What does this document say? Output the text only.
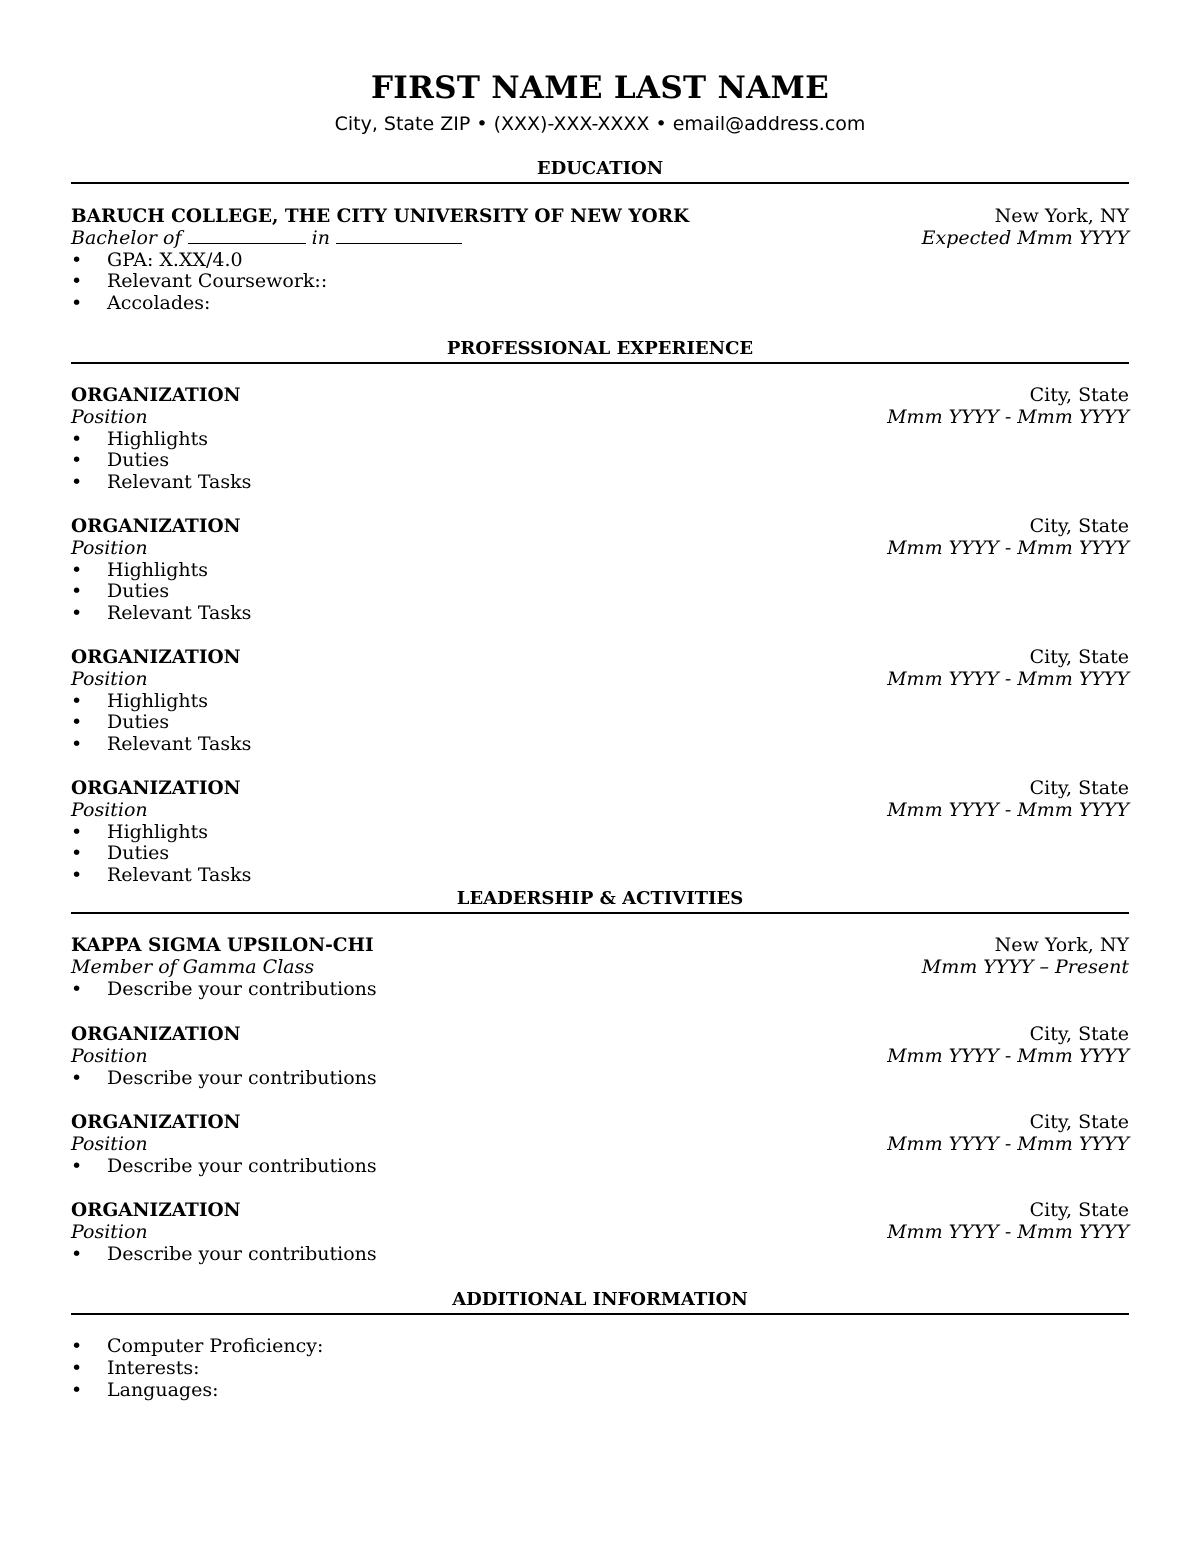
FIRST NAME LAST NAME
City, State ZIP • (XXX)-XXX-XXXX • email@address.com
EDUCATION
BARUCH COLLEGE, THE CITY UNIVERSITY OF NEW YORK	New York, NY
Bachelor of	in	Expected Mmm YYYY
• GPA: X.XX/4.0
• Relevant Coursework::
• Accolades:
PROFESSIONAL EXPERIENCE
ORGANIZATION	City, State
Position	Mmm YYYY - Mmm YYYY
• Highlights
• Duties
• Relevant Tasks
ORGANIZATION	City, State
Position	Mmm YYYY - Mmm YYYY
• Highlights
• Duties
• Relevant Tasks
ORGANIZATION	City, State
Position	Mmm YYYY - Mmm YYYY
• Highlights
• Duties
• Relevant Tasks
ORGANIZATION	City, State
Position	Mmm YYYY - Mmm YYYY
• Highlights
• Duties
• Relevant Tasks
LEADERSHIP & ACTIVITIES
KAPPA SIGMA UPSILON-CHI	New York, NY
Member of Gamma Class	Mmm YYYY – Present
• Describe your contributions
ORGANIZATION	City, State
Position	Mmm YYYY - Mmm YYYY
• Describe your contributions
ORGANIZATION	City, State
Position	Mmm YYYY - Mmm YYYY
• Describe your contributions
ORGANIZATION	City, State
Position	Mmm YYYY - Mmm YYYY
• Describe your contributions
ADDITIONAL INFORMATION
• Computer Proficiency:
• Interests:
• Languages:
